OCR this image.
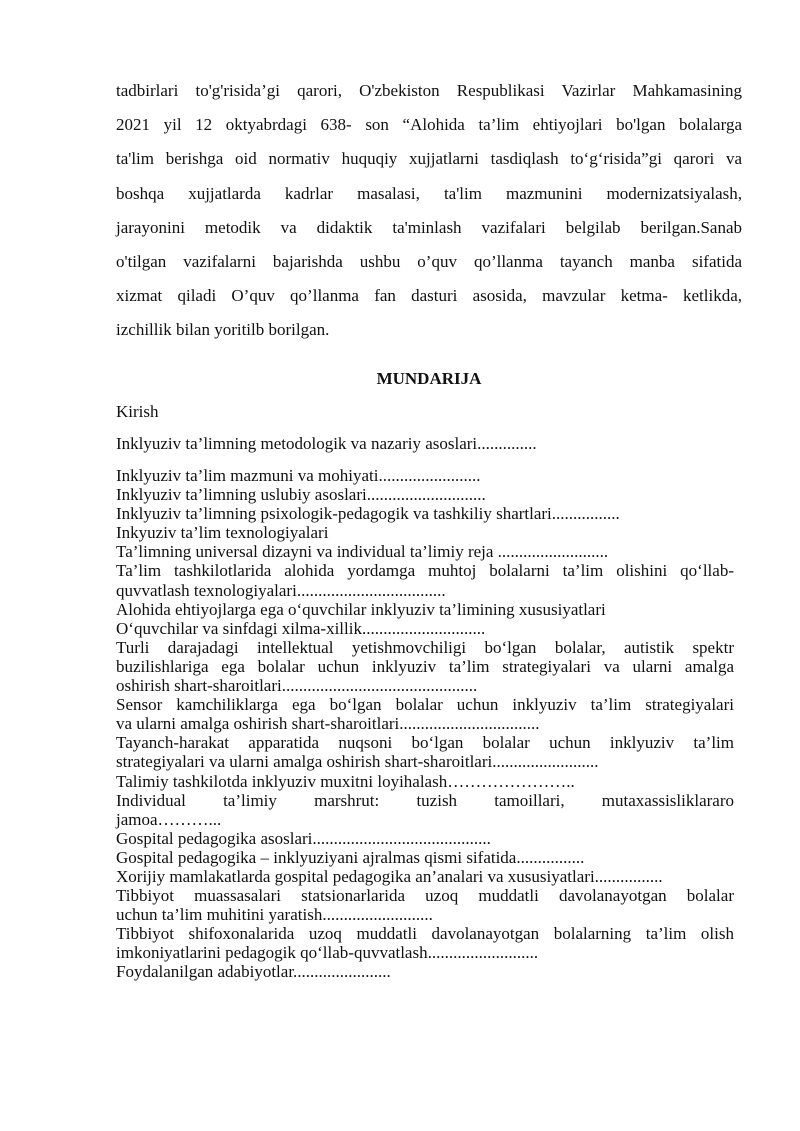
tadbirlari to'g'risida’gi qarori, O'zbekiston Respublikasi Vazirlar Mahkamasining
2021 yil 12 oktyabrdagi 638- son “Alohida ta’lim ehtiyojlari bo'lgan bolalarga
ta'lim berishga oid normativ huquqiy xujjatlarni tasdiqlash to‘g‘risida”gi qarori va
boshqa xujjatlarda kadrlar masalasi, ta'lim mazmunini modernizatsiyalash,
jarayonini metodik va didaktik ta'minlash vazifalari belgilab berilgan.Sanab
o'tilgan vazifalarni bajarishda ushbu o’quv qo’llanma tayanch manba sifatida
xizmat qiladi O’quv qo’llanma fan dasturi asosida, mavzular ketma- ketlikda,
izchillik bilan yoritilb borilgan.
MUNDARIJA
Kirish
Inklyuziv ta’limning metodologik va nazariy asoslari..............
Inklyuziv ta’lim mazmuni va mohiyati........................
Inklyuziv ta’limning uslubiy asoslari............................
Inklyuziv ta’limning psixologik-pedagogik va tashkiliy shartlari................
Inkyuziv ta’lim texnologiyalari
Ta’limning universal dizayni va individual ta’limiy reja ..........................
Ta’lim tashkilotlarida alohida yordamga muhtoj bolalarni ta’lim olishini qo‘llab-
quvvatlash texnologiyalari...................................
Alohida ehtiyojlarga ega o‘quvchilar inklyuziv ta’limining xususiyatlari
O‘quvchilar va sinfdagi xilma-xillik.............................
Turli darajadagi intellektual yetishmovchiligi bo‘lgan bolalar, autistik spektr
buzilishlariga ega bolalar uchun inklyuziv ta’lim strategiyalari va ularni amalga
oshirish shart-sharoitlari..............................................
Sensor kamchiliklarga ega bo‘lgan bolalar uchun inklyuziv ta’lim strategiyalari
va ularni amalga oshirish shart-sharoitlari.................................
Tayanch-harakat apparatida nuqsoni bo‘lgan bolalar uchun inklyuziv ta’lim
strategiyalari va ularni amalga oshirish shart-sharoitlari.........................
Talimiy tashkilotda inklyuziv muxitni loyihalash…………………..
Individual ta’limiy marshrut: tuzish tamoillari, mutaxassisliklararo
jamoa………...
Gospital pedagogika asoslari..........................................
Gospital pedagogika – inklyuziyani ajralmas qismi sifatida................
Xorijiy mamlakatlarda gospital pedagogika an’analari va xususiyatlari................
Tibbiyot muassasalari statsionarlarida uzoq muddatli davolanayotgan bolalar
uchun ta’lim muhitini yaratish..........................
Tibbiyot shifoxonalarida uzoq muddatli davolanayotgan bolalarning ta’lim olish
imkoniyatlarini pedagogik qo‘llab-quvvatlash..........................
Foydalanilgan adabiyotlar.......................
